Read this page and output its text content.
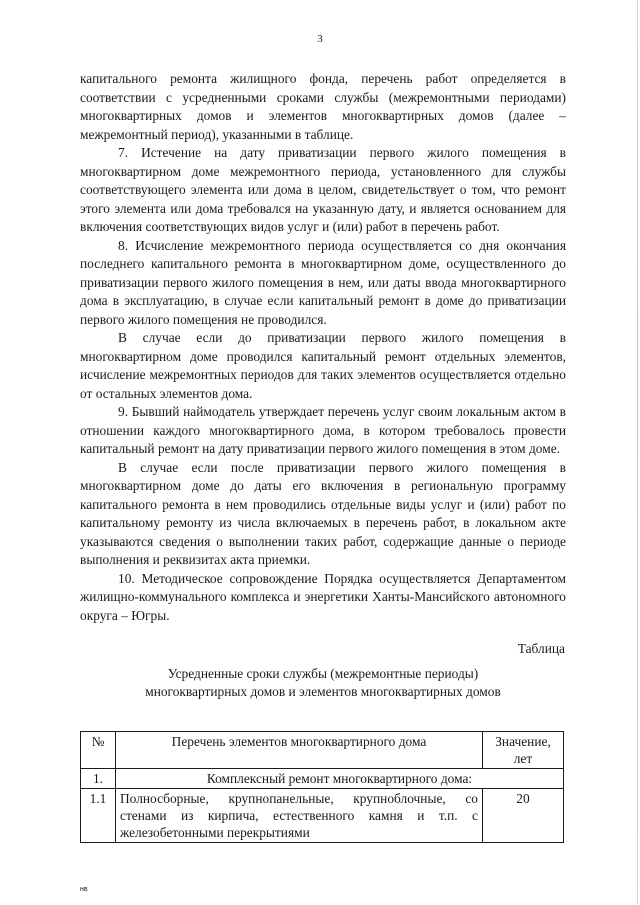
3

капитального ремонта жилищного фонда, перечень работ определяется в соответствии с усредненными сроками службы (межремонтными периодами) многоквартирных домов и элементов многоквартирных домов (далее – межремонтный период), указанными в таблице.

7. Истечение на дату приватизации первого жилого помещения в многоквартирном доме межремонтного периода, установленного для службы соответствующего элемента или дома в целом, свидетельствует о том, что ремонт этого элемента или дома требовался на указанную дату, и является основанием для включения соответствующих видов услуг и (или) работ в перечень работ.

8. Исчисление межремонтного периода осуществляется со дня окончания последнего капитального ремонта в многоквартирном доме, осуществленного до приватизации первого жилого помещения в нем, или даты ввода многоквартирного дома в эксплуатацию, в случае если капитальный ремонт в доме до приватизации первого жилого помещения не проводился.

В случае если до приватизации первого жилого помещения в многоквартирном доме проводился капитальный ремонт отдельных элементов, исчисление межремонтных периодов для таких элементов осуществляется отдельно от остальных элементов дома.

9. Бывший наймодатель утверждает перечень услуг своим локальным актом в отношении каждого многоквартирного дома, в котором требовалось провести капитальный ремонт на дату приватизации первого жилого помещения в этом доме.

В случае если после приватизации первого жилого помещения в многоквартирном доме до даты его включения в региональную программу капитального ремонта в нем проводились отдельные виды услуг и (или) работ по капитальному ремонту из числа включаемых в перечень работ, в локальном акте указываются сведения о выполнении таких работ, содержащие данные о периоде выполнения и реквизитах акта приемки.

10. Методическое сопровождение Порядка осуществляется Департаментом жилищно-коммунального комплекса и энергетики Ханты-Мансийского автономного округа – Югры.

Таблица
Усредненные сроки службы (межремонтные периоды)
многоквартирных домов и элементов многоквартирных домов
№	Перечень элементов многоквартирного дома	Значение, лет
1.	Комплексный ремонт многоквартирного дома:	
1.1	Полносборные, крупнопанельные, крупноблочные, со стенами из кирпича, естественного камня и т.п. с железобетонными перекрытиями	20
нв
